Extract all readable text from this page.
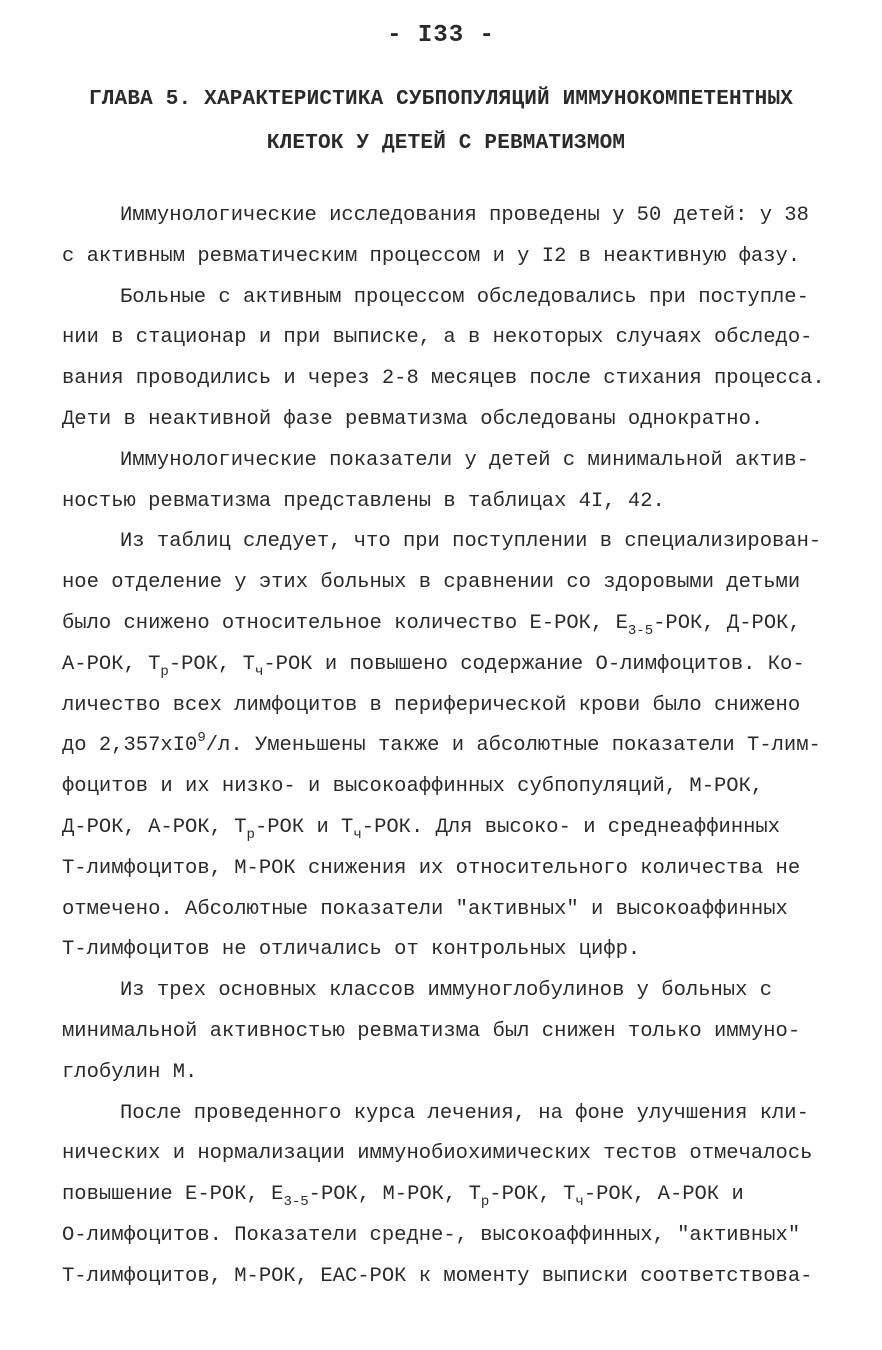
- I33 -
ГЛАВА 5. ХАРАКТЕРИСТИКА СУБПОПУЛЯЦИЙ ИММУНОКОМПЕТЕНТНЫХ
КЛЕТОК У ДЕТЕЙ С РЕВМАТИЗМОМ
Иммунологические исследования проведены у 50 детей: у 38
с активным ревматическим процессом и у I2 в неактивную фазу.
Больные с активным процессом обследовались при поступле-
нии в стационар и при выписке, а в некоторых случаях обследо-
вания проводились и через 2-8 месяцев после стихания процесса.
Дети в неактивной фазе ревматизма обследованы однократно.
Иммунологические показатели у детей с минимальной актив-
ностью ревматизма представлены в таблицах 4I, 42.
Из таблиц следует, что при поступлении в специализирован-
ное отделение у этих больных в сравнении со здоровыми детьми
было снижено относительное количество Е-РОК, $Е_{3-5}$-РОК, Д-РОК,
А-РОК, $Т_р$-РОК, $Т_ч$-РОК и повышено содержание О-лимфоцитов. Ко-
личество всех лимфоцитов в периферической крови было снижено
до $2,357хI0^9/л$. Уменьшены также и абсолютные показатели Т-лим-
фоцитов и их низко- и высокоаффинных субпопуляций, М-РОК,
Д-РОК, А-РОК, $Т_р$-РОК и $Т_ч$-РОК. Для высоко- и среднеаффинных
Т-лимфоцитов, М-РОК снижения их относительного количества не
отмечено. Абсолютные показатели "активных" и высокоаффинных
Т-лимфоцитов не отличались от контрольных цифр.
Из трех основных классов иммуноглобулинов у больных с
минимальной активностью ревматизма был снижен только иммуно-
глобулин М.
После проведенного курса лечения, на фоне улучшения кли-
нических и нормализации иммунобиохимических тестов отмечалось
повышение Е-РОК, $Е_{3-5}$-РОК, М-РОК, $Т_р$-РОК, $Т_ч$-РОК, А-РОК и
О-лимфоцитов. Показатели средне-, высокоаффинных, "активных"
Т-лимфоцитов, М-РОК, ЕАС-РОК к моменту выписки соответствова-
